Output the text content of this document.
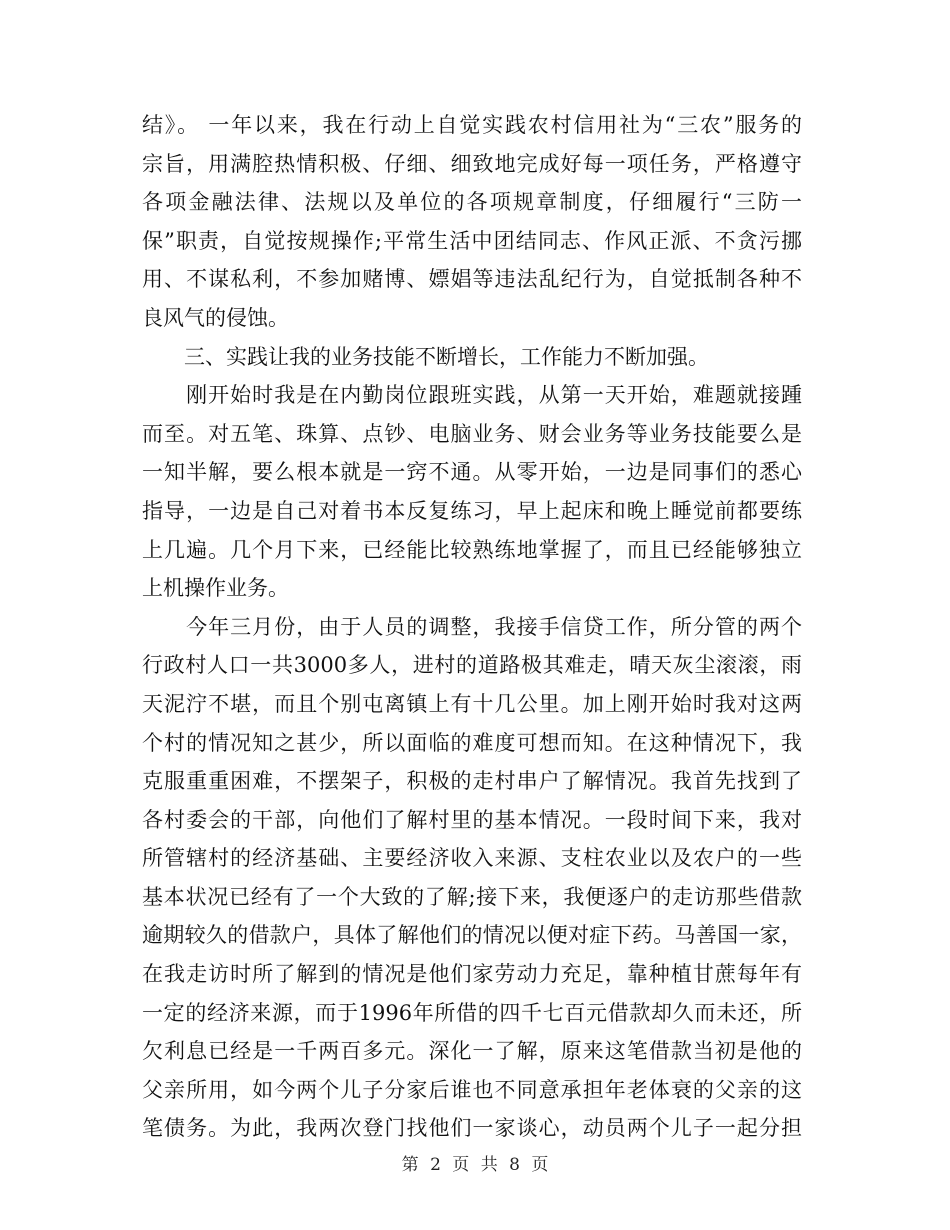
结》。 一年以来，我在行动上自觉实践农村信用社为“三农”服务的
宗旨，用满腔热情积极、仔细、细致地完成好每一项任务，严格遵守
各项金融法律、法规以及单位的各项规章制度，仔细履行“三防一
保”职责，自觉按规操作;平常生活中团结同志、作风正派、不贪污挪
用、不谋私利，不参加赌博、嫖娼等违法乱纪行为，自觉抵制各种不
良风气的侵蚀。
　　三、实践让我的业务技能不断增长，工作能力不断加强。
　　刚开始时我是在内勤岗位跟班实践，从第一天开始，难题就接踵
而至。对五笔、珠算、点钞、电脑业务、财会业务等业务技能要么是
一知半解，要么根本就是一窍不通。从零开始，一边是同事们的悉心
指导，一边是自己对着书本反复练习，早上起床和晚上睡觉前都要练
上几遍。几个月下来，已经能比较熟练地掌握了，而且已经能够独立
上机操作业务。
　　今年三月份，由于人员的调整，我接手信贷工作，所分管的两个
行政村人口一共3000多人，进村的道路极其难走，晴天灰尘滚滚，雨
天泥泞不堪，而且个别屯离镇上有十几公里。加上刚开始时我对这两
个村的情况知之甚少，所以面临的难度可想而知。在这种情况下，我
克服重重困难，不摆架子，积极的走村串户了解情况。我首先找到了
各村委会的干部，向他们了解村里的基本情况。一段时间下来，我对
所管辖村的经济基础、主要经济收入来源、支柱农业以及农户的一些
基本状况已经有了一个大致的了解;接下来，我便逐户的走访那些借款
逾期较久的借款户，具体了解他们的情况以便对症下药。马善国一家，
在我走访时所了解到的情况是他们家劳动力充足，靠种植甘蔗每年有
一定的经济来源，而于1996年所借的四千七百元借款却久而未还，所
欠利息已经是一千两百多元。深化一了解，原来这笔借款当初是他的
父亲所用，如今两个儿子分家后谁也不同意承担年老体衰的父亲的这
笔债务。为此，我两次登门找他们一家谈心，动员两个儿子一起分担
第 2 页 共 8 页
